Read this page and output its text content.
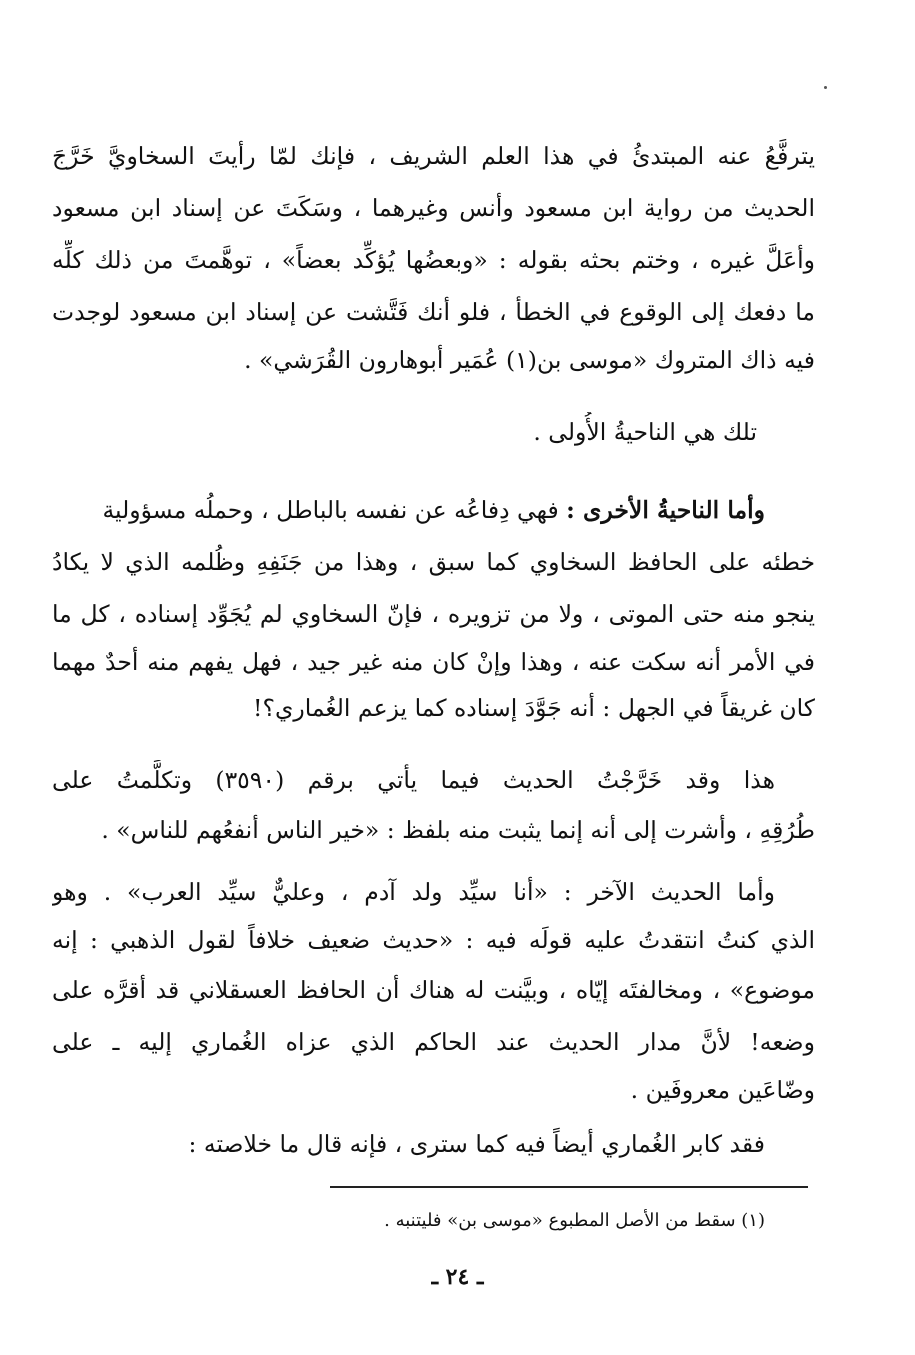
يترفَّعُ عنه المبتدئُ في هذا العلم الشريف ، فإنك لمّا رأيتَ السخاويَّ خَرَّجَ
الحديث من رواية ابن مسعود وأنس وغيرهما ، وسَكَتَ عن إسناد ابن مسعود
وأعَلَّ غيره ، وختم بحثه بقوله : «وبعضُها يُؤكِّد بعضاً» ، توهَّمتَ من ذلك كلِّه
ما دفعك إلى الوقوع في الخطأ ، فلو أنك فَتَّشت عن إسناد ابن مسعود لوجدت
فيه ذاك المتروك «موسى بن(١) عُمَير أبوهارون القُرَشي» .
تلك هي الناحيةُ الأُولى .
وأما الناحيةُ الأخرى : فهي دِفاعُه عن نفسه بالباطل ، وحملُه مسؤولية
خطئه على الحافظ السخاوي كما سبق ، وهذا من جَنَفِهِ وظُلمه الذي لا يكادُ
ينجو منه حتى الموتى ، ولا من تزويره ، فإنّ السخاوي لم يُجَوِّد إسناده ، كل ما
في الأمر أنه سكت عنه ، وهذا وإنْ كان منه غير جيد ، فهل يفهم منه أحدٌ مهما
كان غريقاً في الجهل : أنه جَوَّدَ إسناده كما يزعم الغُماري؟!
هذا وقد خَرَّجْتُ الحديث فيما يأتي برقم (٣٥٩٠) وتكلَّمتُ على
طُرُقِهِ ، وأشرت إلى أنه إنما يثبت منه بلفظ : «خير الناس أنفعُهم للناس» .
وأما الحديث الآخر : «أنا سيِّد ولد آدم ، وعليٌّ سيِّد العرب» . وهو
الذي كنتُ انتقدتُ عليه قولَه فيه : «حديث ضعيف خلافاً لقول الذهبي : إنه
موضوع» ، ومخالفتَه إيّاه ، وبيَّنت له هناك أن الحافظ العسقلاني قد أقرَّه على
وضعه! لأنَّ مدار الحديث عند الحاكم الذي عزاه الغُماري إليه ـ على
وضّاعَين معروفَين .
فقد كابر الغُماري أيضاً فيه كما سترى ، فإنه قال ما خلاصته :
(١) سقط من الأصل المطبوع «موسى بن» فليتنبه .
ـ ٢٤ ـ
